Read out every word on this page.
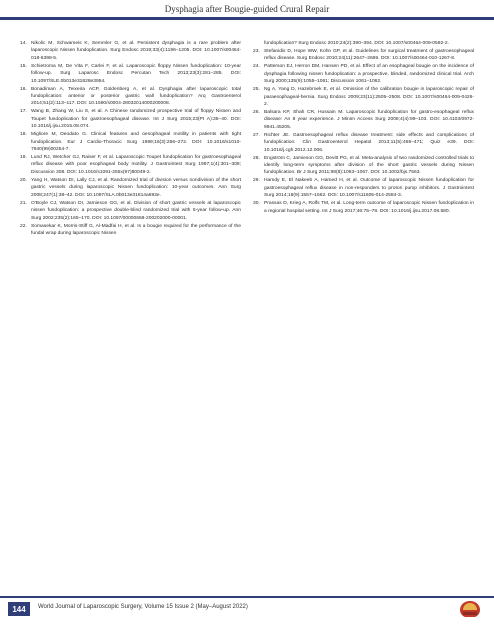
Dysphagia after Bougie-guided Crural Repair
14. Nikolic M, Schwameis K, Semmler G, et al. Persistent dysphagia is a rare problem after laparoscopic Nissen fundoplication. Surg Endosc 2019;33(4):1196–1205. DOI: 10.1007/s00464-018-6398-5.
15. Schietroma M, De Vita F, Carlei F, et al. Laparoscopic floppy Nissen fundoplication: 10-year follow-up. Surg Laparosc Endosc Percutan Tech 2013;23(3):281–285. DOI: 10.1097/SLE.0b013e31828e3954.
16. Bonadiman A, Teixeira ACP, Goldenberg A, et al. Dysphagia after laparoscopic total fundoplication: anterior or posterior gastric wall fundoplication? Arq Gastroenterol 2014;51(2):113–117. DOI: 10.1590/s0004-28032014000200008.
17. Wang B, Zhang W, Liu S, et al. A Chinese randomized prospective trial of floppy Nissen and Toupet fundoplication for gastroesophageal disease. Int J Surg 2015;23(Pt A):35–40. DOI: 10.1016/j.ijsu.2015.08.074.
18. Migliore M, Deodato G. Clinical features and oesophageal motility in patients with tight fundoplication. Eur J Cardio-Thoracic Surg 1999;16(3):266–272. DOI: 10.1016/s1010-7940(99)00254-7.
19. Lund RJ, Wetcher GJ, Raiser F, et al. Laparoscopic Toupet fundoplication for gastroesophageal reflux disease with poor esophageal body motility. J Gastrointest Surg 1997;1(4):301–308; Discussion 308. DOI: 10.1016/s1091-255x(97)80049-2.
20. Yang H, Watson DI, Lally CJ, et al. Randomized trial of division versus nondivision of the short gastric vessels during laparoscopic Nissen fundoplication: 10-year outcomes. Ann Surg 2008;247(1):38–42. DOI: 10.1097/SLA.0b013e31814a693e.
21. O'Boyle CJ, Watson DI, Jamieson GG, et al. Division of short gastric vessels at laparoscopic nissen fundoplication: a prospective double-blind randomized trial with 5-year follow-up. Ann Surg 2002;235(2):165–170. DOI: 10.1097/00000658-200202000-00001.
22. Somasekar K, Morris-Stiff G, Al-Madfai H, et al. Is a bougie required for the performance of the fundal wrap during laparoscopic Nissen
fundoplication? Surg Endosc 2010;24(2):390–394. DOI: 10.1007/s00464-009-0592-2.
23. Stefanidis D, Hope WW, Kohn GP, et al. Guidelines for surgical treatment of gastroesophageal reflux disease. Surg Endosc 2010;24(11):2647–2669. DOI: 10.1007/s00464-010-1267-8.
24. Patterson EJ, Herron DM, Hansen PD, et al. Effect of an esophageal bougie on the incidence of dysphagia following nissen fundoplication: a prospective, blinded, randomized clinical trial. Arch Surg 2000;135(9):1055–1061; Discussion 1061–1062.
25. Ng A, Yang D, Hazebroek E, et al. Omission of the calibration bougie in laparoscopic repair of paraesophageal-hernia. Surg Endosc 2009;23(11):2505–2508. DOI: 10.1007/s00464-009-0426-2.
26. Balsara KP, Shah CR, Hussain M. Laparoscopic fundoplication for gastro-esophageal reflux disease: An 8 year experience. J Minim Access Surg 2008;4(4):99–103. DOI: 10.4103/0972-9941.45205.
27. Richter JE. Gastroesophageal reflux disease treatment: side effects and complications of fundoplication. Clin Gastroenterol Hepatol 2013;11(5):465–471; Quiz e39. DOI: 10.1016/j.cgh.2012.12.006.
28. Engström C, Jamieson GG, Devitt PG, et al. Meta-analysis of two randomized controlled trials to identify long-term symptoms after division of the short gastric vessels during Nissen fundoplication. Br J Surg 2011;98(8):1063–1067. DOI: 10.1002/bjs.7563.
29. Hamdy E, El Nakeeb A, Hamed H, et al. Outcome of laparoscopic Nissen fundoplication for gastroesophageal reflux disease in non-responders to proton pump inhibitors. J Gastrointest Surg 2014;18(9):1557–1562. DOI: 10.1007/s11605-014-2584-3.
30. Prassas D, Krieg A, Rolfs TM, et al. Long-term outcome of laparoscopic Nissen fundoplication in a regional hospital setting. Int J Surg 2017;46:75–78. DOI: 10.1016/j.ijsu.2017.08.580.
144	World Journal of Laparoscopic Surgery, Volume 15 Issue 2 (May–August 2022)
